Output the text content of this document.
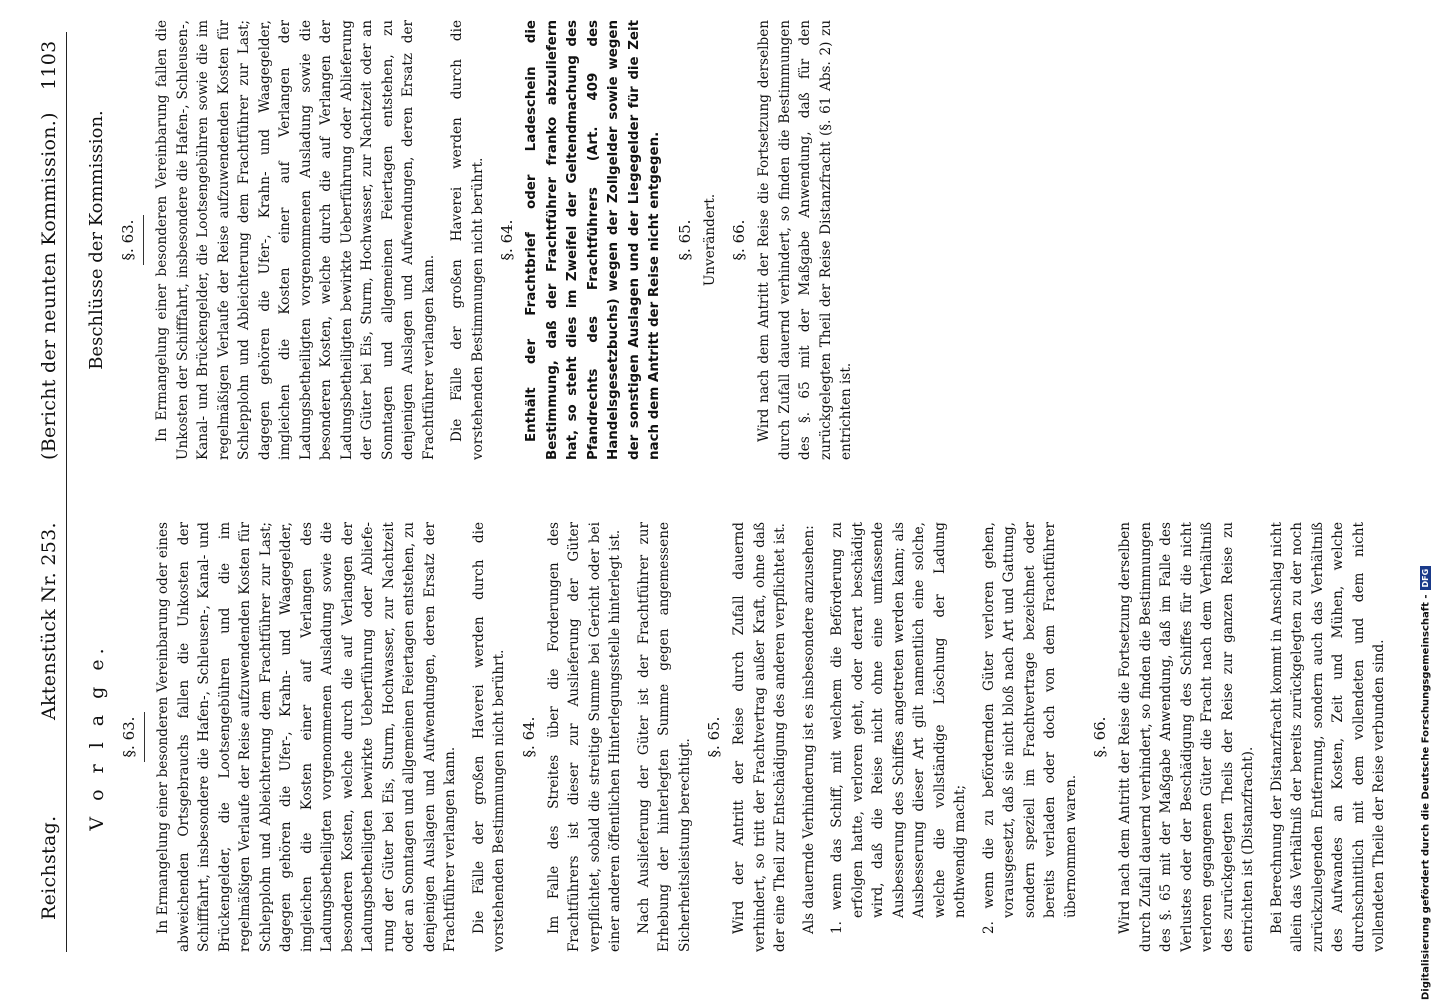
Reichstag.
Aktenstück Nr. 253.
(Bericht der neunten Kommission.)
1103
V o r l a g e. §. 63. In Ermangelung einer besonderen Vereinbarung oder eines abweichenden Ortsgebrauchs fallen die Unkosten der Schifffahrt, insbesondere die Hafen-, Schleusen-, Kanal- und Brückengelder, die Lootsengebühren und die im regelmäßigen Verlaufe der Reise aufzuwendenden Kosten für Schlepplohn und Ableichterung dem Frachtführer zur Last; dagegen gehören die Ufer-, Krahn- und Waagegelder, imgleichen die Kosten einer auf Verlangen des Ladungsbetheiligten vorgenommenen Ausladung sowie die besonderen Kosten, welche durch die auf Verlangen der Ladungsbetheiligten bewirkte Ueberführung oder Ablieferung der Güter bei Eis, Sturm, Hochwasser, zur Nachtzeit oder an Sonntagen und allgemeinen Feiertagen entstehen, zu denjenigen Auslagen und Aufwendungen, deren Ersatz der Frachtführer verlangen kann. Die Fälle der großen Haverei werden durch die vorstehenden Bestimmungen nicht berührt. §. 64. Im Falle des Streites über die Forderungen des Frachtführers ist dieser zur Auslieferung der Güter verpflichtet, sobald die streitige Summe bei Gericht oder bei einer anderen öffentlichen Hinterlegungsstelle hinterlegt ist. Nach Auslieferung der Güter ist der Frachtführer zur Erhebung der hinterlegten Summe gegen angemessene Sicherheitsleistung berechtigt.

§. 65. Wird der Antritt der Reise durch Zufall dauernd verhindert, so tritt der Frachtvertrag außer Kraft, ohne daß der eine Theil zur Entschädigung des anderen verpflichtet ist. Als dauernde Verhinderung ist es insbesondere anzusehen: 1. wenn das Schiff, mit welchem die Beförderung zu erfolgen hatte, verloren geht, oder derart beschädigt wird, daß die Reise nicht ohne eine umfassende Ausbesserung des Schiffes angetreten werden kann; als Ausbesserung dieser Art gilt namentlich eine solche, welche die vollständige Löschung der Ladung nothwendig macht; 2. wenn die zu befördernden Güter verloren gehen, vorausgesetzt, daß sie nicht bloß nach Art und Gattung, sondern speziell im Frachtvertrage bezeichnet oder bereits verladen oder doch von dem Frachtführer übernommen waren.
§. 66. Wird nach dem Antritt der Reise die Fortsetzung derselben durch Zufall dauernd verhindert, so finden die Bestimmungen des §. 65 mit der Maßgabe Anwendung, daß im Falle des Verlustes oder der Beschädigung des Schiffes für die nicht verloren gegangenen Güter die Fracht nach dem Verhältniß des zurückgelegten Theils der Reise zur ganzen Reise zu entrichten ist (Distanzfracht). Bei Berechnung der Distanzfracht kommt in Anschlag nicht allein das Verhältniß der bereits zurückgelegten zu der noch zurückzulegenden Entfernung, sondern auch das Verhältniß des Aufwandes an Kosten, Zeit und Mühen, welche durchschnittlich mit dem vollendeten und dem nicht vollendeten Theile der Reise verbunden sind.

Beschlüsse der Kommission. §. 63. In Ermangelung einer besonderen Vereinbarung fallen die Unkosten der Schifffahrt, insbesondere die Hafen-, Schleusen-, Kanal- und Brückengelder, die Lootsengebühren sowie die im regelmäßigen Verlaufe der Reise aufzuwendenden Kosten für Schlepplohn und Ableichterung dem Frachtführer zur Last; dagegen gehören die Ufer-, Krahn- und Waagegelder, imgleichen die Kosten einer auf Verlangen der Ladungsbetheiligten vorgenommenen Ausladung sowie die besonderen Kosten, welche durch die auf Verlangen der Ladungsbetheiligten bewirkte Ueberführung oder Ablieferung der Güter bei Eis, Sturm, Hochwasser, zur Nachtzeit oder an Sonntagen und allgemeinen Feiertagen entstehen, zu denjenigen Auslagen und Aufwendungen, deren Ersatz der Frachtführer verlangen kann. Die Fälle der großen Haverei werden durch die vorstehenden Bestimmungen nicht berührt. §. 64. Enthält der Frachtbrief oder Ladeschein die Bestimmung, daß der Frachtführer franko abzuliefern hat, so steht dies im Zweifel der Geltendmachung des Pfandrechts des Frachtführers (Art. 409 des Handelsgesetzbuchs) wegen der Zollgelder sowie wegen der sonstigen Auslagen und der Liegegelder für die Zeit nach dem Antritt der Reise nicht entgegen. §. 65. Unverändert. §. 66. Wird nach dem Antritt der Reise die Fortsetzung derselben durch Zufall dauernd verhindert, so finden die Bestimmungen des §. 65 mit der Maßgabe Anwendung, daß für den zurückgelegten Theil der Reise Distanzfracht (§. 61 Abs. 2) zu entrichten ist.

Digitalisierung gefördert durch die Deutsche Forschungsgemeinschaft -DFG
